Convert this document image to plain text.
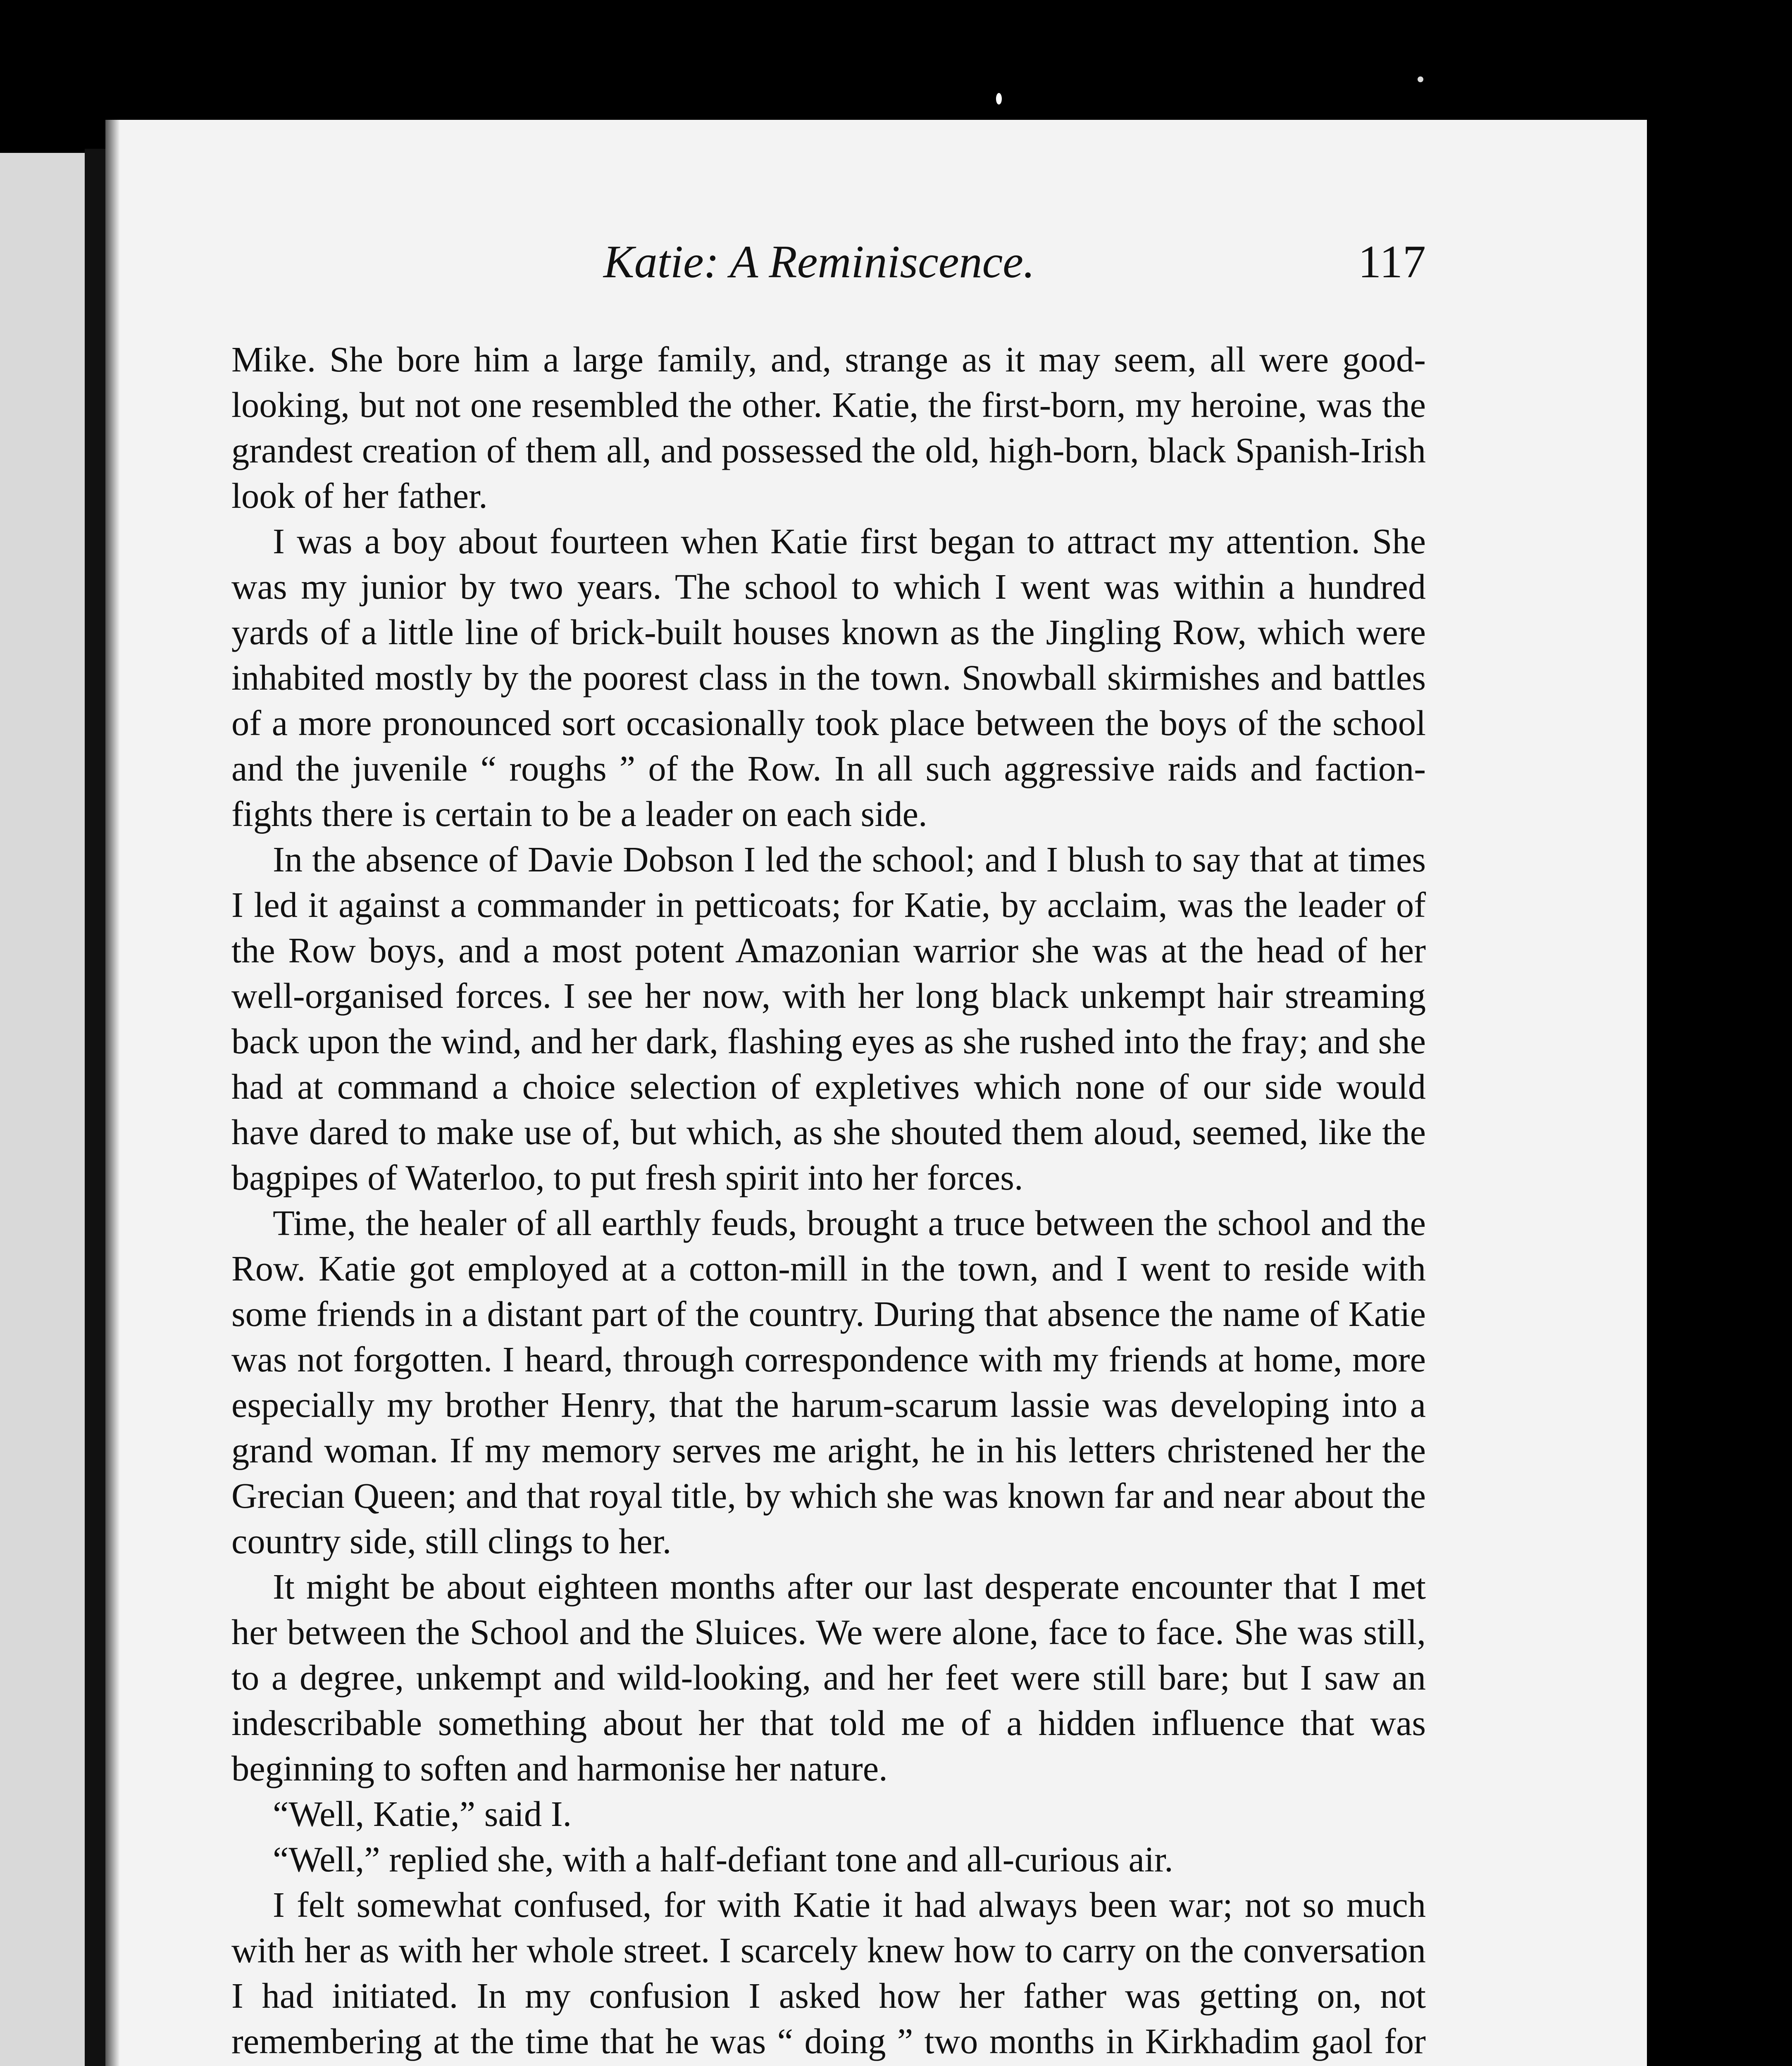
Katie: A Reminiscence.	117

Mike. She bore him a large family, and, strange as it may seem, all were good-looking, but not one resembled the other. Katie, the first-born, my heroine, was the grandest creation of them all, and possessed the old, high-born, black Spanish-Irish look of her father.

I was a boy about fourteen when Katie first began to attract my attention. She was my junior by two years. The school to which I went was within a hundred yards of a little line of brick-built houses known as the Jingling Row, which were inhabited mostly by the poorest class in the town. Snowball skirmishes and battles of a more pronounced sort occasionally took place between the boys of the school and the juvenile “ roughs ” of the Row. In all such aggressive raids and faction-fights there is certain to be a leader on each side.

In the absence of Davie Dobson I led the school; and I blush to say that at times I led it against a commander in petticoats; for Katie, by acclaim, was the leader of the Row boys, and a most potent Amazonian warrior she was at the head of her well-organised forces. I see her now, with her long black unkempt hair streaming back upon the wind, and her dark, flashing eyes as she rushed into the fray; and she had at command a choice selection of expletives which none of our side would have dared to make use of, but which, as she shouted them aloud, seemed, like the bagpipes of Waterloo, to put fresh spirit into her forces.

Time, the healer of all earthly feuds, brought a truce between the school and the Row. Katie got employed at a cotton-mill in the town, and I went to reside with some friends in a distant part of the country. During that absence the name of Katie was not forgotten. I heard, through correspondence with my friends at home, more especially my brother Henry, that the harum-scarum lassie was developing into a grand woman. If my memory serves me aright, he in his letters christened her the Grecian Queen; and that royal title, by which she was known far and near about the country side, still clings to her.

It might be about eighteen months after our last desperate encounter that I met her between the School and the Sluices. We were alone, face to face. She was still, to a degree, unkempt and wild-looking, and her feet were still bare; but I saw an indescribable something about her that told me of a hidden influence that was beginning to soften and harmonise her nature.

“Well, Katie,” said I.

“Well,” replied she, with a half-defiant tone and all-curious air.

I felt somewhat confused, for with Katie it had always been war; not so much with her as with her whole street. I scarcely knew how to carry on the conversation I had initiated. In my confusion I asked how her father was getting on, not remembering at the time that he was “ doing ” two months in Kirkhadim gaol for
